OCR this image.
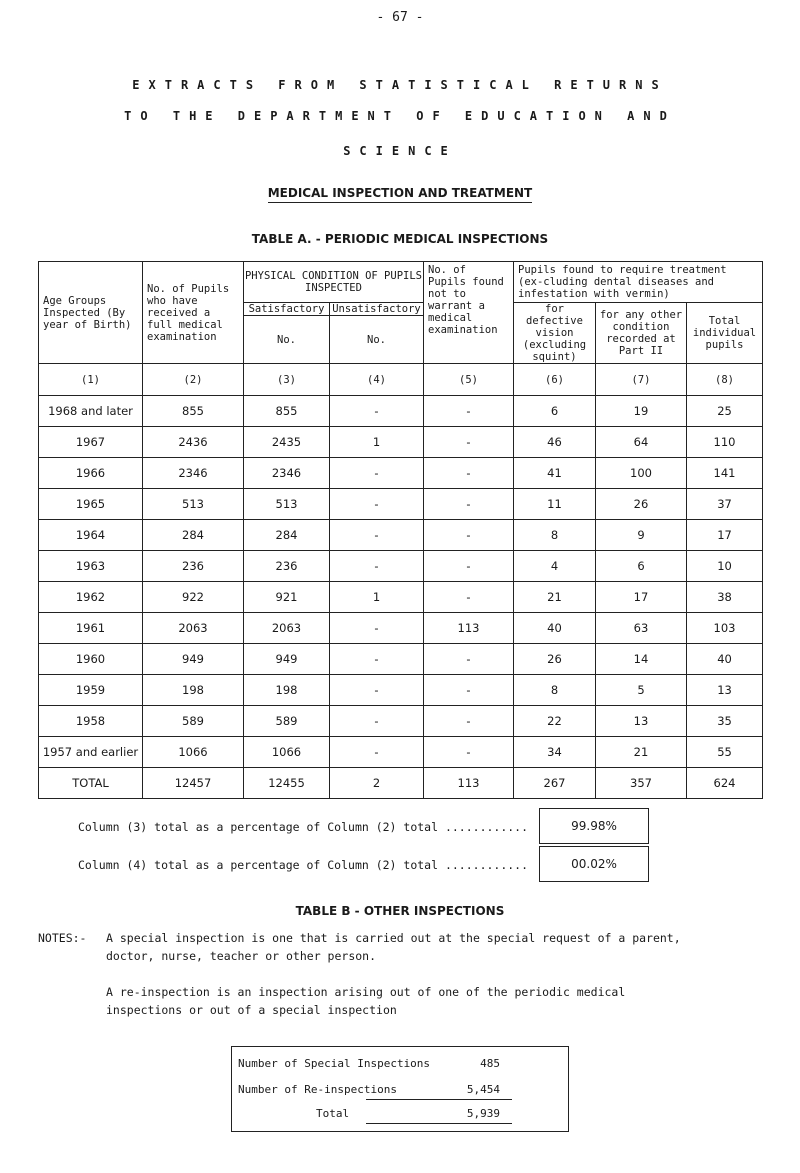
- 67 -
EXTRACTS FROM STATISTICAL RETURNS
TO THE DEPARTMENT OF EDUCATION AND
SCIENCE
MEDICAL INSPECTION AND TREATMENT
TABLE A. - PERIODIC MEDICAL INSPECTIONS
Age Groups Inspected (By year of Birth)	No. of Pupils who have received a full medical examination	PHYSICAL CONDITION OF PUPILS INSPECTED		No. of Pupils found not to warrant a medical examination	Pupils found to require treatment (ex-cluding dental diseases and infestation with vermin)		
		Satisfactory	Unsatisfactory		for defective vision (excluding squint)	for any other condition recorded at Part II	Total individual pupils
		No.	No.				
(1)	(2)	(3)	(4)	(5)	(6)	(7)	(8)
1968 and later	855	855	-	-	6	19	25
1967	2436	2435	1	-	46	64	110
1966	2346	2346	-	-	41	100	141
1965	513	513	-	-	11	26	37
1964	284	284	-	-	8	9	17
1963	236	236	-	-	4	6	10
1962	922	921	1	-	21	17	38
1961	2063	2063	-	113	40	63	103
1960	949	949	-	-	26	14	40
1959	198	198	-	-	8	5	13
1958	589	589	-	-	22	13	35
1957 and earlier	1066	1066	-	-	34	21	55
TOTAL	12457	12455	2	113	267	357	624
Column (3) total as a percentage of Column (2) total ............	99.98%
Column (4) total as a percentage of Column (2) total ............	00.02%
TABLE B - OTHER INSPECTIONS
NOTES:- A special inspection is one that is carried out at the special request of a parent, doctor, nurse, teacher or other person.
A re-inspection is an inspection arising out of one of the periodic medical inspections or out of a special inspection
Number of Special Inspections	485
Number of Re-inspections	5,454
Total	5,939
